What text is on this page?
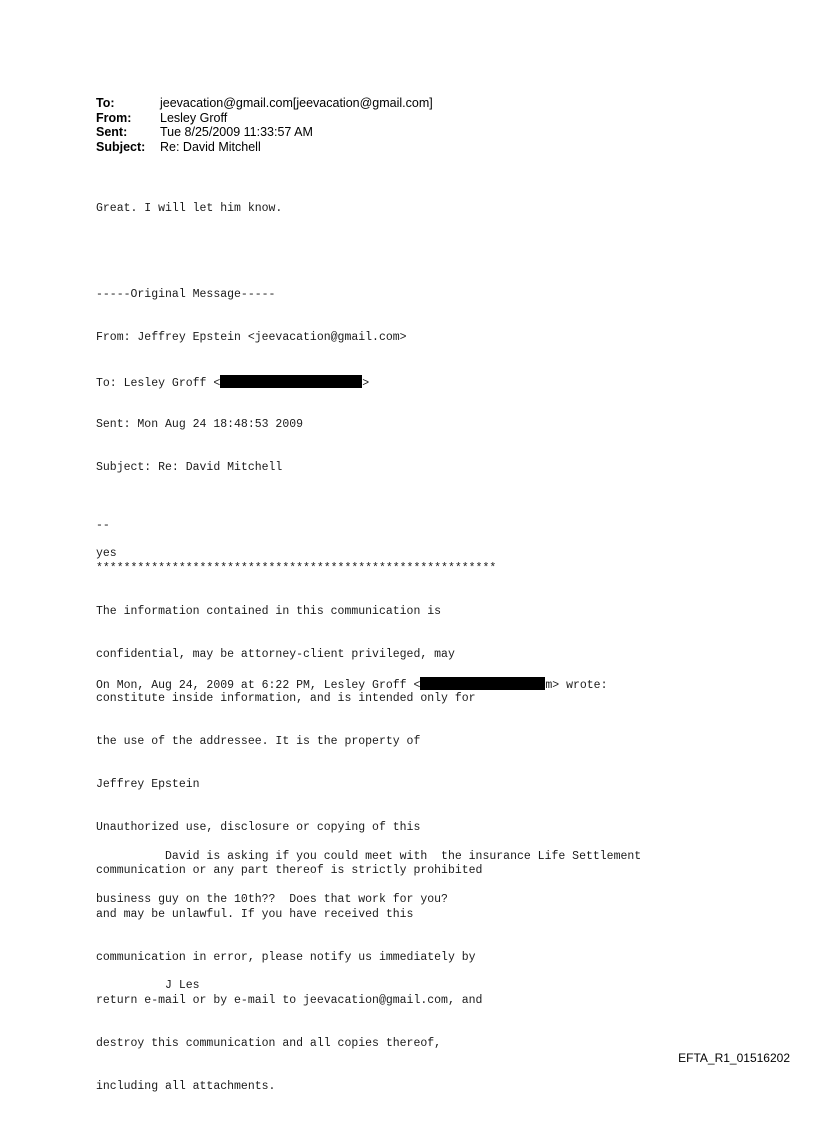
To:	jeevacation@gmail.com[jeevacation@gmail.com]
From:	Lesley Groff
Sent:	Tue 8/25/2009 11:33:57 AM
Subject:	Re: David Mitchell

Great. I will let him know.

-----Original Message-----

From: Jeffrey Epstein <jeevacation@gmail.com>

To: Lesley Groff <	>

Sent: Mon Aug 24 18:48:53 2009

Subject: Re: David Mitchell

yes

On Mon, Aug 24, 2009 at 6:22 PM, Lesley Groff <	m> wrote:

David is asking if you could meet with  the insurance Life Settlement

business guy on the 10th??  Does that work for you?

J Les

--

**********************************************************

The information contained in this communication is

confidential, may be attorney-client privileged, may

constitute inside information, and is intended only for

the use of the addressee. It is the property of

Jeffrey Epstein

Unauthorized use, disclosure or copying of this

communication or any part thereof is strictly prohibited

and may be unlawful. If you have received this

communication in error, please notify us immediately by

return e-mail or by e-mail to jeevacation@gmail.com, and

destroy this communication and all copies thereof,

including all attachments.

EFTA_R1_01516202
